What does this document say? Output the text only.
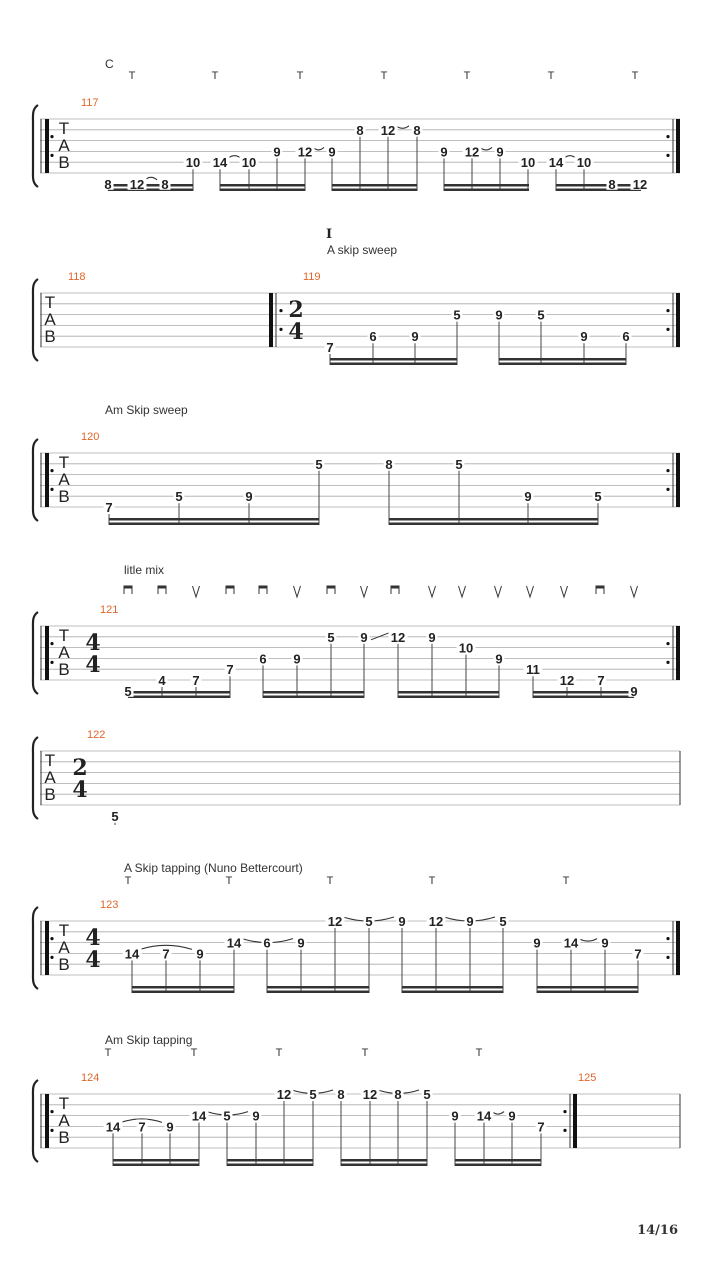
T
A
B
117
C
T	T	T	T	T	T	T
8 12 8
10 14 10
9 12 9
8 12 8
9 12 9
10 14 10
8 12
T
A
B
2
4
118	119
A skip sweep
I
7
6	9
5	9	5
9	6
T
A
B
120
Am Skip sweep
7
5	9
5	8	5
9	5
T
A
B
4
4
121
litle mix
5
4 7
7
6 9
5 9 12 9
10
9
11
12 7
9
T
A
B
2
4
122
5
T
A
B
4
4
123
A Skip tapping (Nuno Bettercourt)
T	T	T	T	T
14 7 9
14 6 9
12 5 9 12 9 5
9 14 9
7
T
A
B
124	125
Am Skip tapping
T	T	T	T	T
14 7 9
14 5 9
12 5 8 12 8 5
9 14 9
7
14/16
